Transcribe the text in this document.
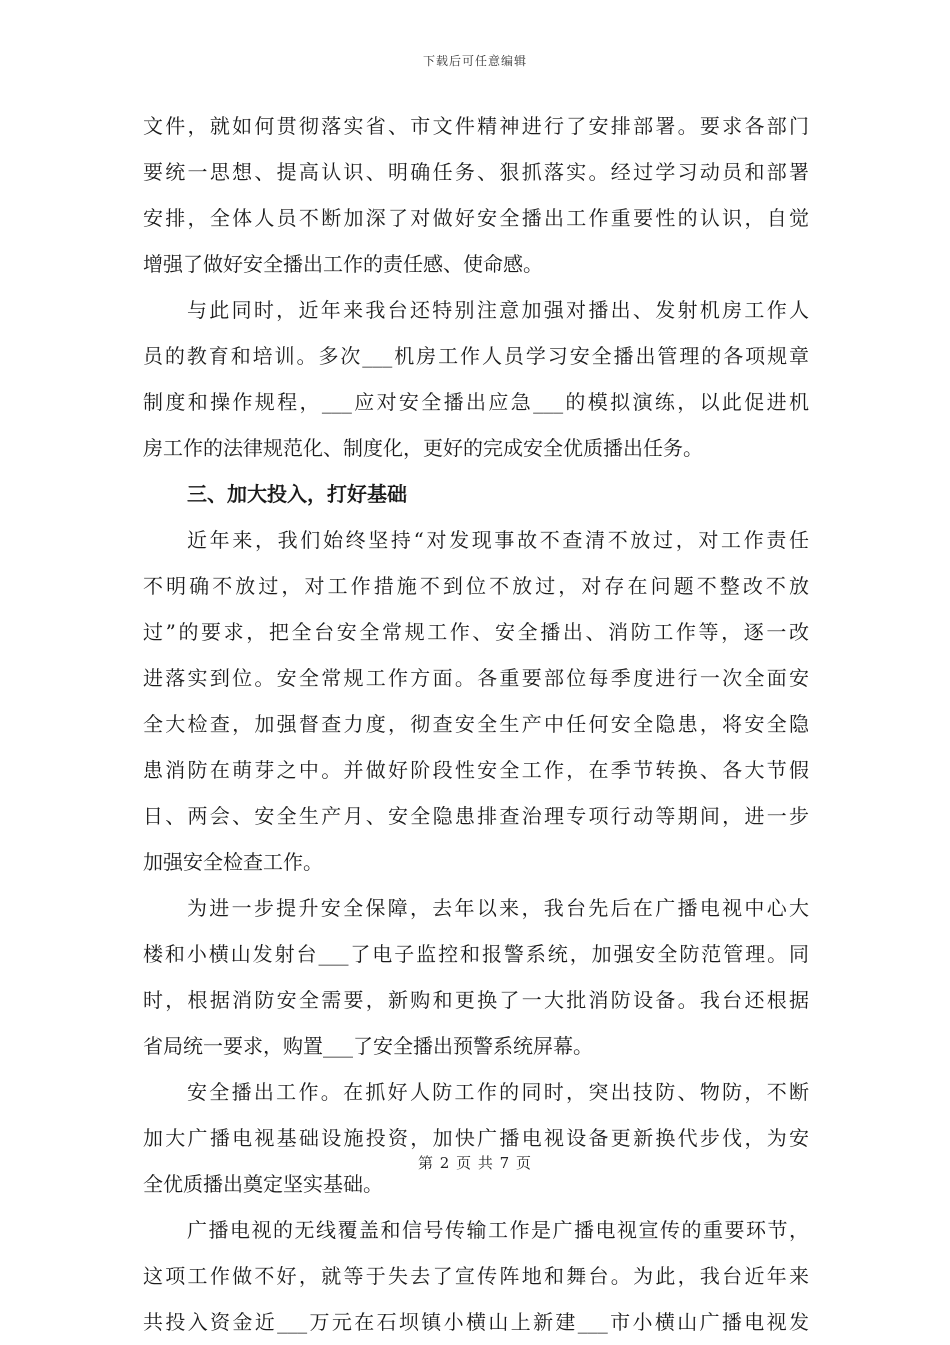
下载后可任意编辑
文件，就如何贯彻落实省、市文件精神进行了安排部署。要求各部门
要统一思想、提高认识、明确任务、狠抓落实。经过学习动员和部署
安排，全体人员不断加深了对做好安全播出工作重要性的认识，自觉
增强了做好安全播出工作的责任感、使命感。
与此同时，近年来我台还特别注意加强对播出、发射机房工作人
员的教育和培训。多次___机房工作人员学习安全播出管理的各项规章
制度和操作规程，___应对安全播出应急___的模拟演练，以此促进机
房工作的法律规范化、制度化，更好的完成安全优质播出任务。
三、加大投入，打好基础
近年来，我们始终坚持“对发现事故不查清不放过，对工作责任
不明确不放过，对工作措施不到位不放过，对存在问题不整改不放
过”的要求，把全台安全常规工作、安全播出、消防工作等，逐一改
进落实到位。安全常规工作方面。各重要部位每季度进行一次全面安
全大检查，加强督查力度，彻查安全生产中任何安全隐患，将安全隐
患消防在萌芽之中。并做好阶段性安全工作，在季节转换、各大节假
日、两会、安全生产月、安全隐患排查治理专项行动等期间，进一步
加强安全检查工作。
为进一步提升安全保障，去年以来，我台先后在广播电视中心大
楼和小横山发射台___了电子监控和报警系统，加强安全防范管理。同
时，根据消防安全需要，新购和更换了一大批消防设备。我台还根据
省局统一要求，购置___了安全播出预警系统屏幕。
安全播出工作。在抓好人防工作的同时，突出技防、物防，不断
加大广播电视基础设施投资，加快广播电视设备更新换代步伐，为安
全优质播出奠定坚实基础。
广播电视的无线覆盖和信号传输工作是广播电视宣传的重要环节，
这项工作做不好，就等于失去了宣传阵地和舞台。为此，我台近年来
共投入资金近___万元在石坝镇小横山上新建___市小横山广播电视发
第 2 页 共 7 页
